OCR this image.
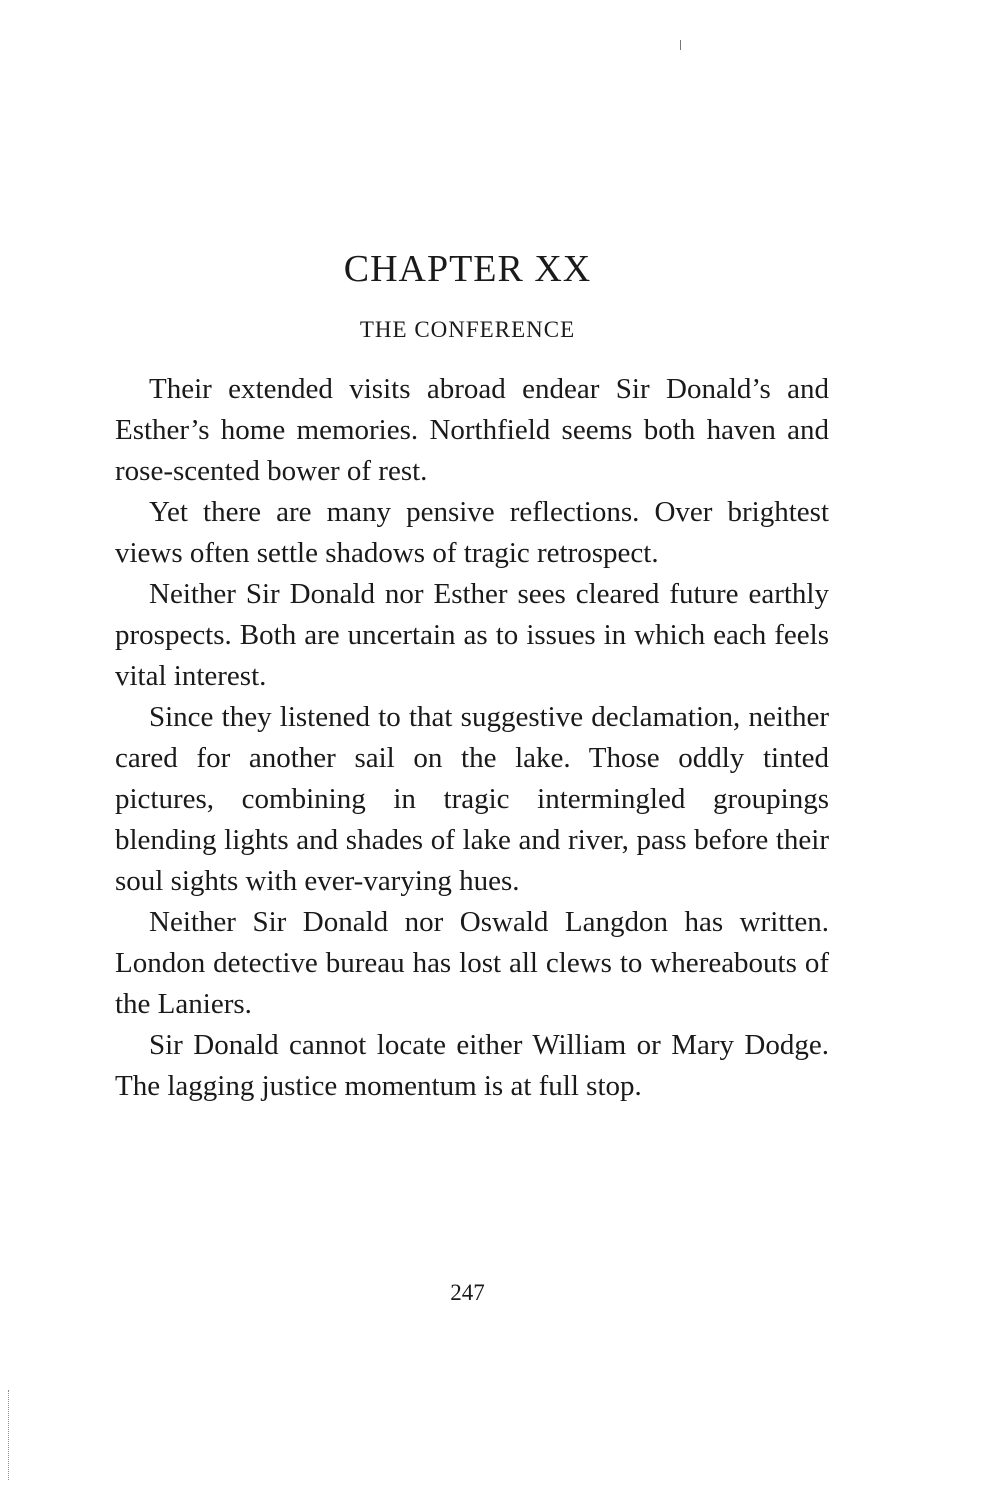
CHAPTER XX
THE CONFERENCE

Their extended visits abroad endear Sir Donald’s and Esther’s home memories. Northfield seems both haven and rose-scented bower of rest.

Yet there are many pensive reflections. Over brightest views often settle shadows of tragic retrospect.

Neither Sir Donald nor Esther sees cleared future earthly prospects. Both are uncertain as to issues in which each feels vital interest.

Since they listened to that suggestive declamation, neither cared for another sail on the lake. Those oddly tinted pictures, combining in tragic intermingled groupings blending lights and shades of lake and river, pass before their soul sights with ever-varying hues.

Neither Sir Donald nor Oswald Langdon has written. London detective bureau has lost all clews to whereabouts of the Laniers.

Sir Donald cannot locate either William or Mary Dodge. The lagging justice momentum is at full stop.

247
